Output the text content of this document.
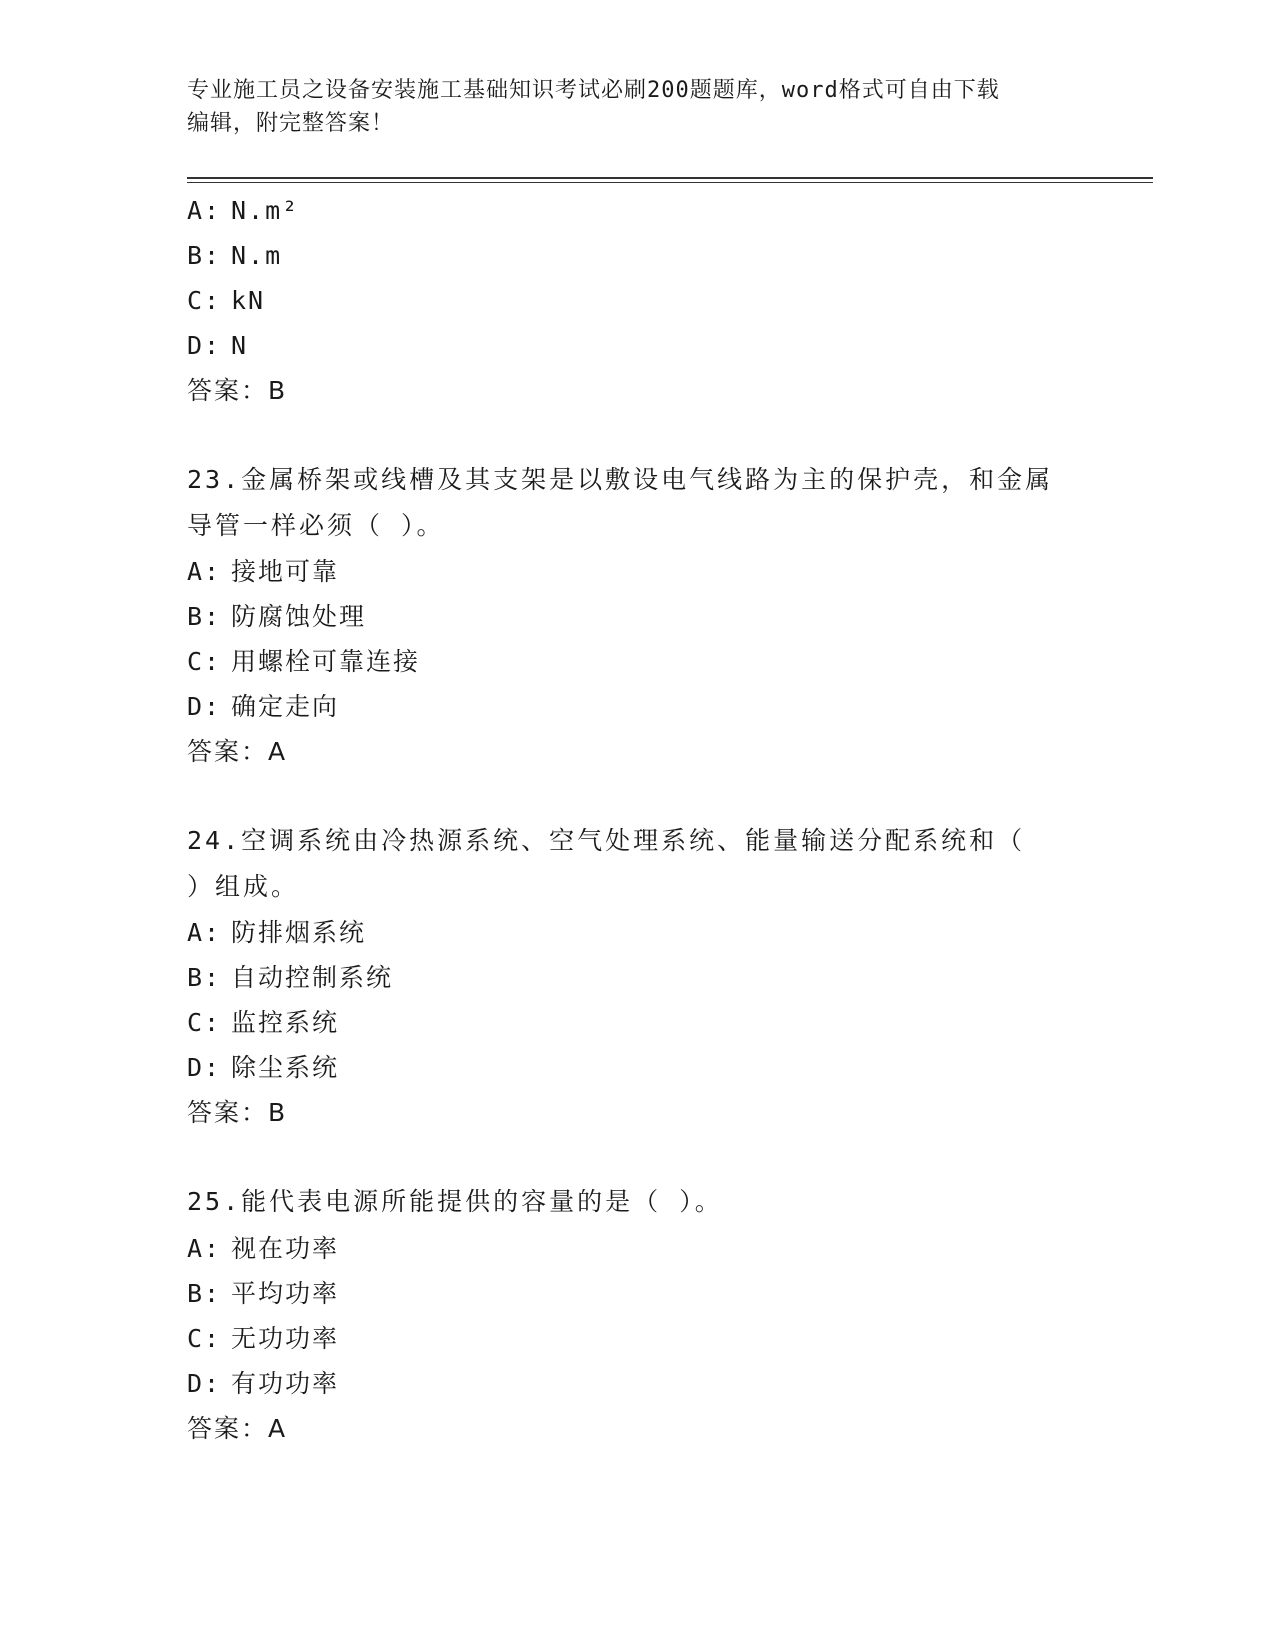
专业施工员之设备安装施工基础知识考试必刷200题题库，word格式可自由下载
编辑，附完整答案！
A: N.m²
B: N.m
C: kN
D: N
答案：B
23.金属桥架或线槽及其支架是以敷设电气线路为主的保护壳，和金属
导管一样必须（ ）。
A: 接地可靠
B: 防腐蚀处理
C: 用螺栓可靠连接
D: 确定走向
答案：A
24.空调系统由冷热源系统、空气处理系统、能量输送分配系统和（
）组成。
A: 防排烟系统
B: 自动控制系统
C: 监控系统
D: 除尘系统
答案：B
25.能代表电源所能提供的容量的是（ ）。
A: 视在功率
B: 平均功率
C: 无功功率
D: 有功功率
答案：A
